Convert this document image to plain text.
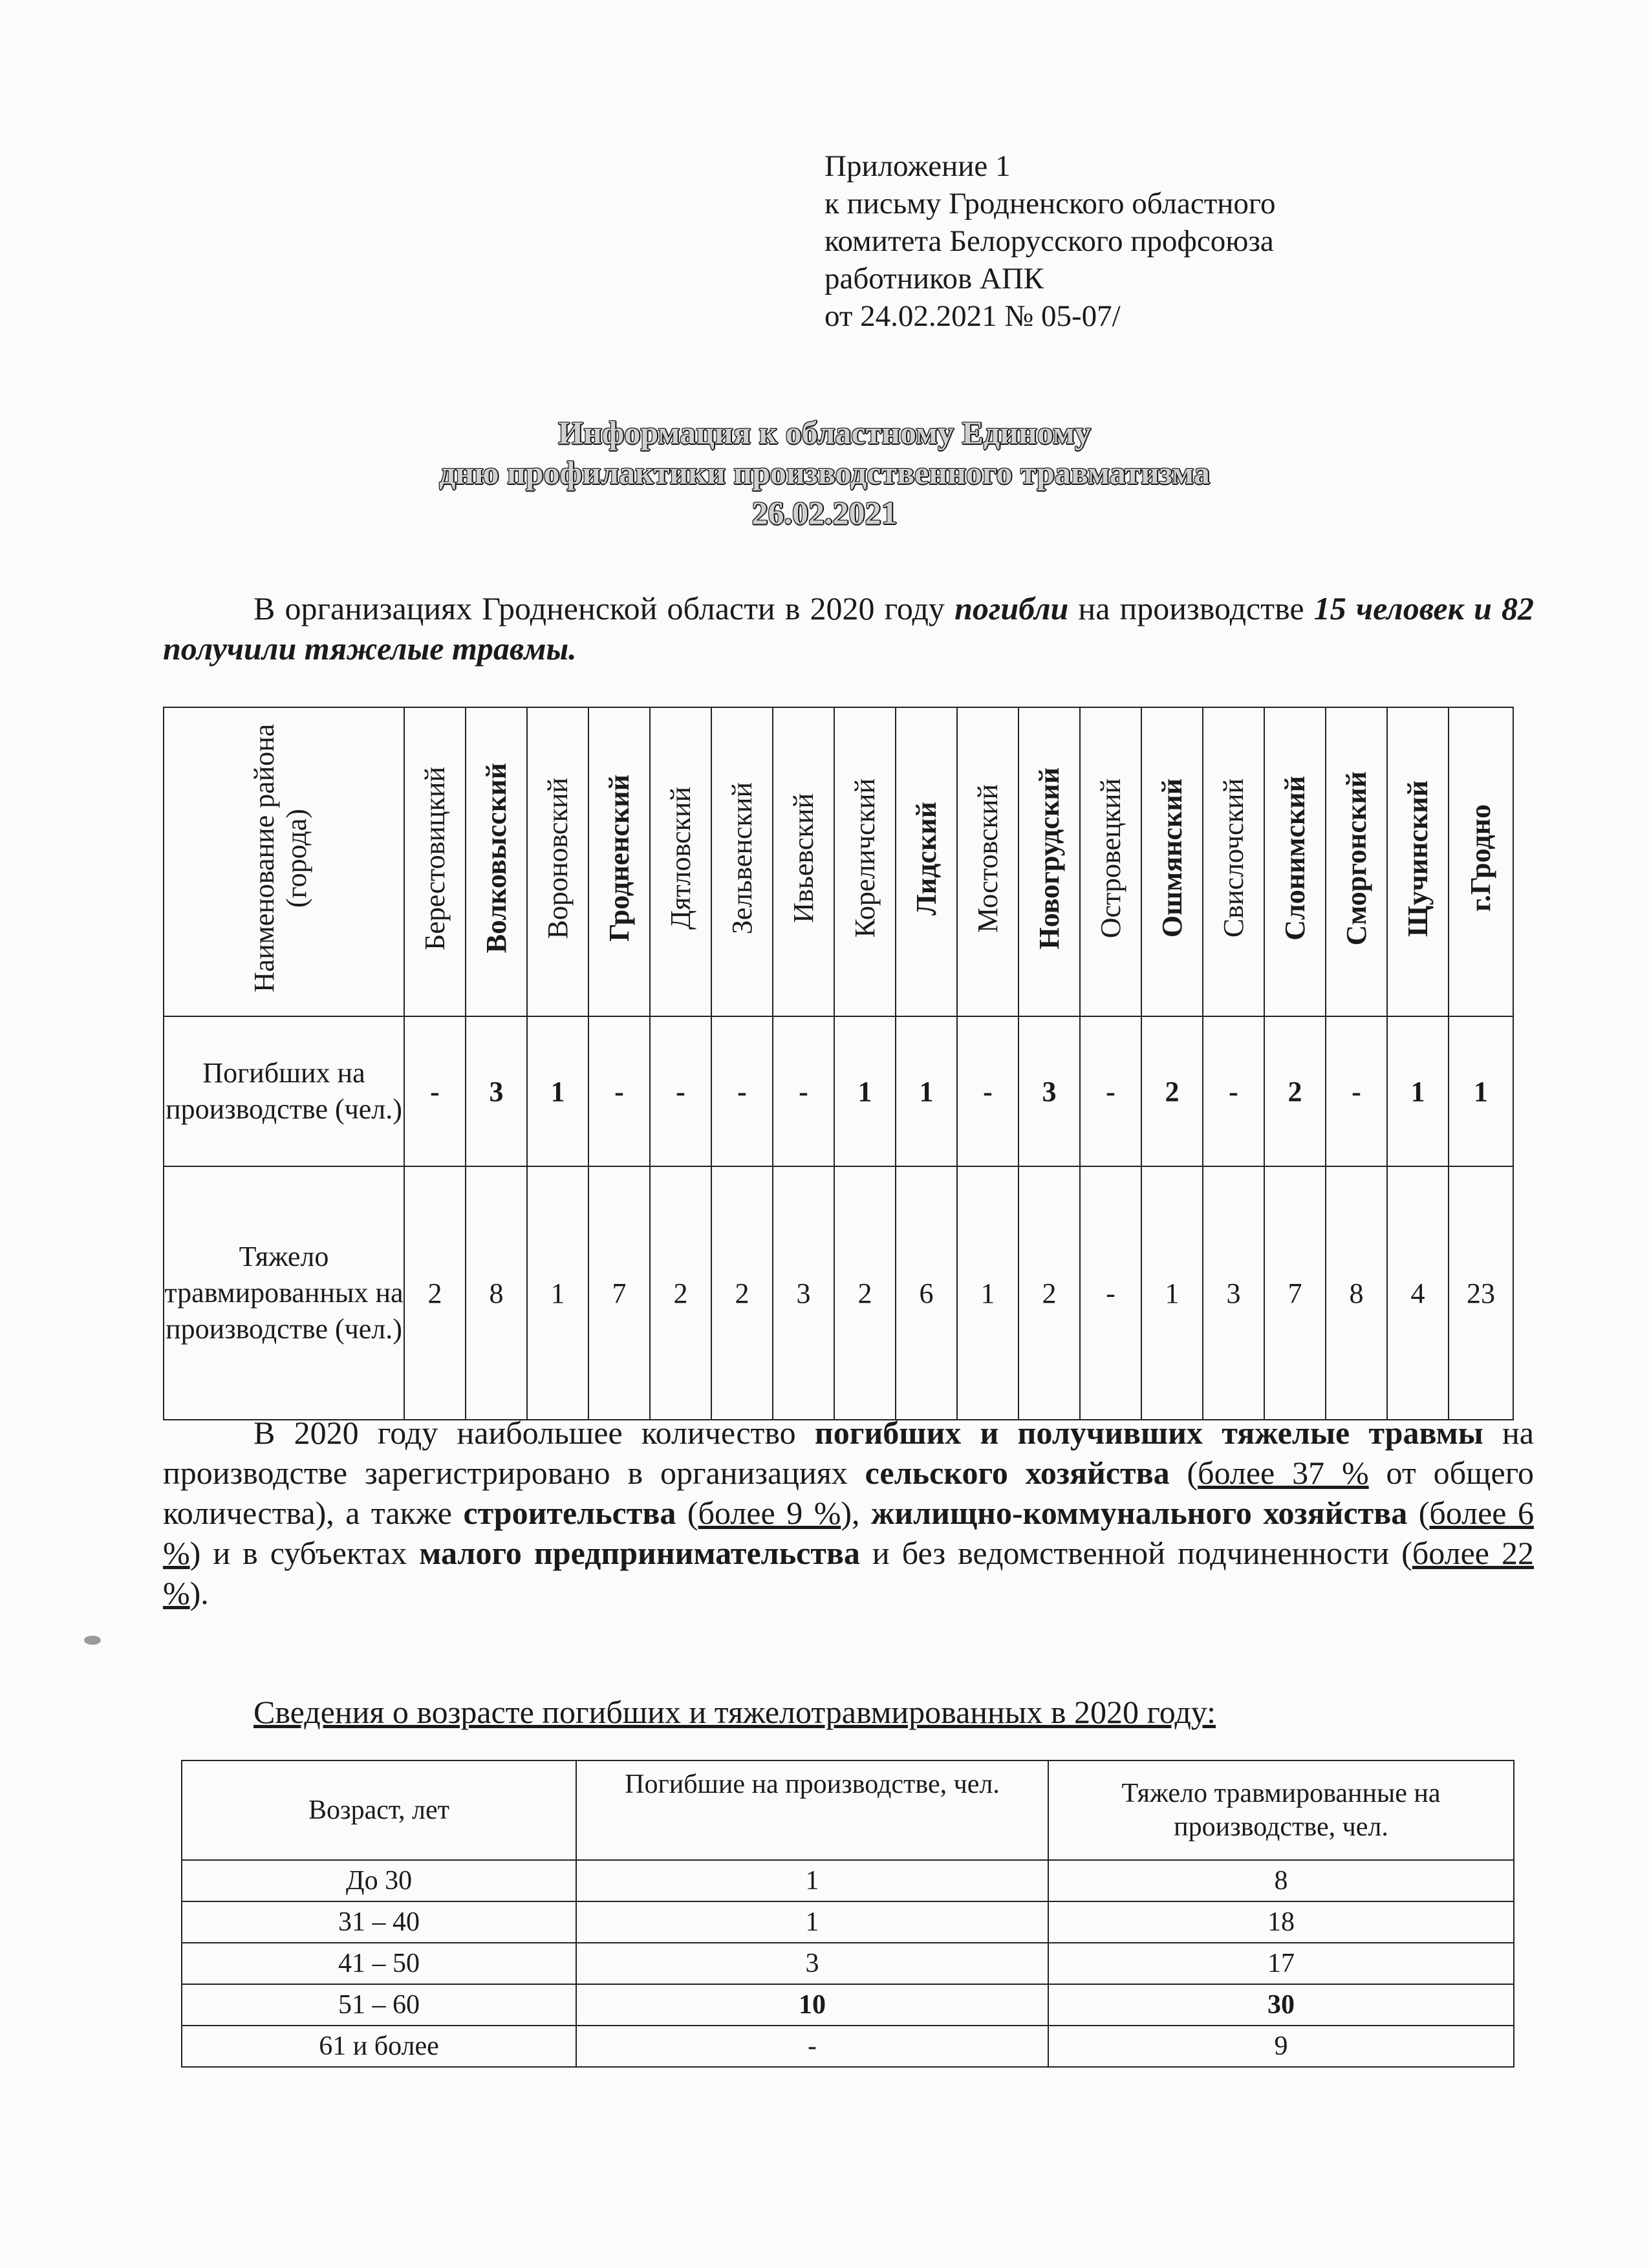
Приложение 1
к письму Гродненского областного
комитета Белорусского профсоюза
работников АПК
от 24.02.2021 № 05-07/
Информация к областному Единому
дню профилактики производственного травматизма
26.02.2021
В организациях Гродненской области в 2020 году погибли на производстве 15 человек и 82 получили тяжелые травмы.
Наименование района (города)	Берестовицкий	Волковысский	Вороновский	Гродненский	Дятловский	Зельвенский	Ивьевский	Кореличский	Лидский	Мостовский	Новогрудский	Островецкий	Ошмянский	Свислочский	Слонимский	Сморгонский	Щучинский	г.Гродно
Погибших на производстве (чел.)	-	3	1	-	-	-	-	1	1	-	3	-	2	-	2	-	1	1
Тяжело травмированных на производстве (чел.)	2	8	1	7	2	2	3	2	6	1	2	-	1	3	7	8	4	23
В 2020 году наибольшее количество погибших и получивших тяжелые травмы на производстве зарегистрировано в организациях сельского хозяйства (более 37 % от общего количества), а также строительства (более 9 %), жилищно-коммунального хозяйства (более 6 %) и в субъектах малого предпринимательства и без ведомственной подчиненности (более 22 %).
Сведения о возрасте погибших и тяжелотравмированных в 2020 году:
Возраст, лет	Погибшие на производстве, чел.	Тяжело травмированные на производстве, чел.
До 30	1	8
31 – 40	1	18
41 – 50	3	17
51 – 60	10	30
61 и более	-	9
